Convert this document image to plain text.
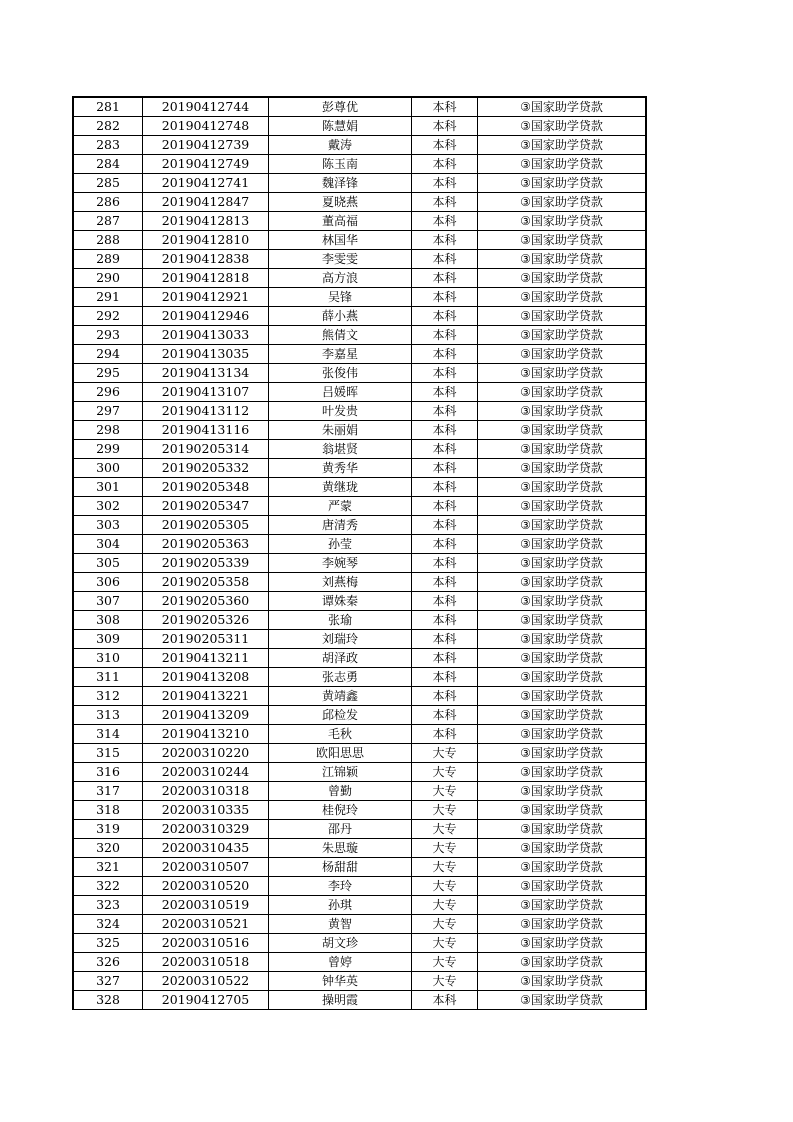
281	20190412744	彭尊优	本科	③国家助学贷款
282	20190412748	陈慧娟	本科	③国家助学贷款
283	20190412739	戴涛	本科	③国家助学贷款
284	20190412749	陈玉南	本科	③国家助学贷款
285	20190412741	魏泽锋	本科	③国家助学贷款
286	20190412847	夏晓燕	本科	③国家助学贷款
287	20190412813	董高福	本科	③国家助学贷款
288	20190412810	林国华	本科	③国家助学贷款
289	20190412838	李雯雯	本科	③国家助学贷款
290	20190412818	高方浪	本科	③国家助学贷款
291	20190412921	吴锋	本科	③国家助学贷款
292	20190412946	薛小燕	本科	③国家助学贷款
293	20190413033	熊倩文	本科	③国家助学贷款
294	20190413035	李嘉星	本科	③国家助学贷款
295	20190413134	张俊伟	本科	③国家助学贷款
296	20190413107	吕媛晖	本科	③国家助学贷款
297	20190413112	叶发贵	本科	③国家助学贷款
298	20190413116	朱丽娟	本科	③国家助学贷款
299	20190205314	翁堪贤	本科	③国家助学贷款
300	20190205332	黄秀华	本科	③国家助学贷款
301	20190205348	黄继珑	本科	③国家助学贷款
302	20190205347	严蒙	本科	③国家助学贷款
303	20190205305	唐清秀	本科	③国家助学贷款
304	20190205363	孙莹	本科	③国家助学贷款
305	20190205339	李婉琴	本科	③国家助学贷款
306	20190205358	刘燕梅	本科	③国家助学贷款
307	20190205360	谭姝秦	本科	③国家助学贷款
308	20190205326	张瑜	本科	③国家助学贷款
309	20190205311	刘瑞玲	本科	③国家助学贷款
310	20190413211	胡泽政	本科	③国家助学贷款
311	20190413208	张志勇	本科	③国家助学贷款
312	20190413221	黄靖鑫	本科	③国家助学贷款
313	20190413209	邱检发	本科	③国家助学贷款
314	20190413210	毛秋	本科	③国家助学贷款
315	20200310220	欧阳思思	大专	③国家助学贷款
316	20200310244	江锦颖	大专	③国家助学贷款
317	20200310318	曾勤	大专	③国家助学贷款
318	20200310335	桂倪玲	大专	③国家助学贷款
319	20200310329	邵丹	大专	③国家助学贷款
320	20200310435	朱思璇	大专	③国家助学贷款
321	20200310507	杨甜甜	大专	③国家助学贷款
322	20200310520	李玲	大专	③国家助学贷款
323	20200310519	孙琪	大专	③国家助学贷款
324	20200310521	黄智	大专	③国家助学贷款
325	20200310516	胡文珍	大专	③国家助学贷款
326	20200310518	曾婷	大专	③国家助学贷款
327	20200310522	钟华英	大专	③国家助学贷款
328	20190412705	操明霞	本科	③国家助学贷款
